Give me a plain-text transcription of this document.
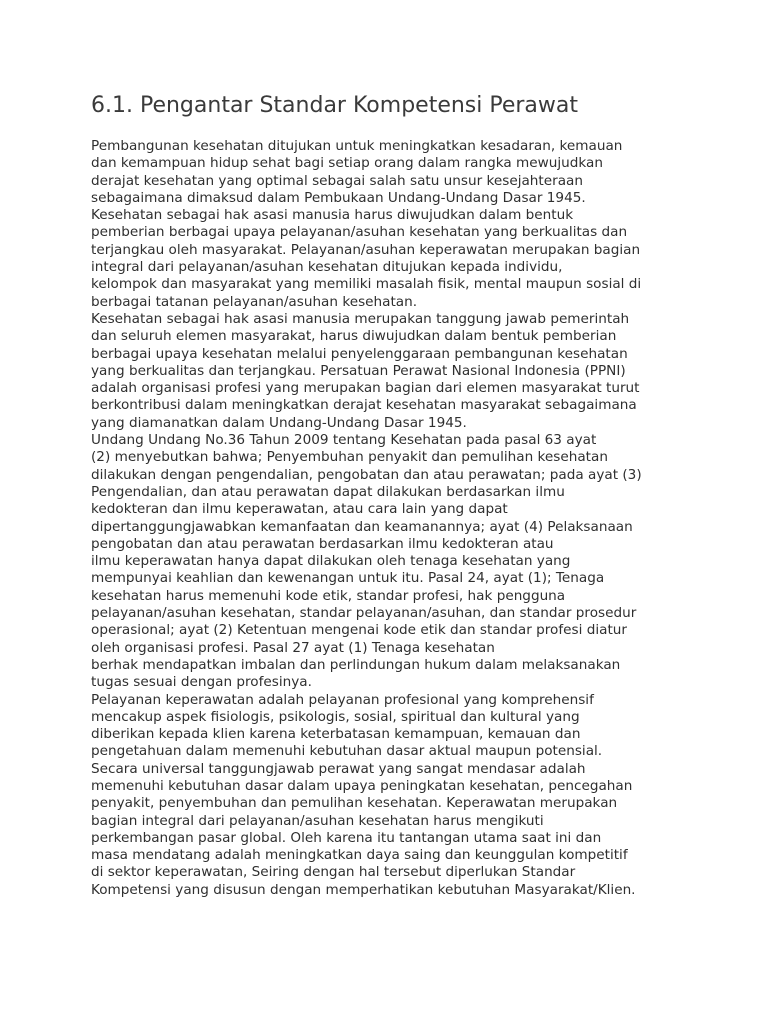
6.1. Pengantar Standar Kompetensi Perawat
Pembangunan kesehatan ditujukan untuk meningkatkan kesadaran, kemauan
dan kemampuan hidup sehat bagi setiap orang dalam rangka mewujudkan
derajat kesehatan yang optimal sebagai salah satu unsur kesejahteraan
sebagaimana dimaksud dalam Pembukaan Undang-Undang Dasar 1945.
Kesehatan sebagai hak asasi manusia harus diwujudkan dalam bentuk
pemberian berbagai upaya pelayanan/asuhan kesehatan yang berkualitas dan
terjangkau oleh masyarakat. Pelayanan/asuhan keperawatan merupakan bagian
integral dari pelayanan/asuhan kesehatan ditujukan kepada individu,
kelompok dan masyarakat yang memiliki masalah fisik, mental maupun sosial di
berbagai tatanan pelayanan/asuhan kesehatan.
Kesehatan sebagai hak asasi manusia merupakan tanggung jawab pemerintah
dan seluruh elemen masyarakat, harus diwujudkan dalam bentuk pemberian
berbagai upaya kesehatan melalui penyelenggaraan pembangunan kesehatan
yang berkualitas dan terjangkau. Persatuan Perawat Nasional Indonesia (PPNI)
adalah organisasi profesi yang merupakan bagian dari elemen masyarakat turut
berkontribusi dalam meningkatkan derajat kesehatan masyarakat sebagaimana
yang diamanatkan dalam Undang-Undang Dasar 1945.
Undang Undang No.36 Tahun 2009 tentang Kesehatan pada pasal 63 ayat
(2) menyebutkan bahwa; Penyembuhan penyakit dan pemulihan kesehatan
dilakukan dengan pengendalian, pengobatan dan atau perawatan; pada ayat (3)
Pengendalian, dan atau perawatan dapat dilakukan berdasarkan ilmu
kedokteran dan ilmu keperawatan, atau cara lain yang dapat
dipertanggungjawabkan kemanfaatan dan keamanannya; ayat (4) Pelaksanaan
pengobatan dan atau perawatan berdasarkan ilmu kedokteran atau
ilmu keperawatan hanya dapat dilakukan oleh tenaga kesehatan yang
mempunyai keahlian dan kewenangan untuk itu. Pasal 24, ayat (1); Tenaga
kesehatan harus memenuhi kode etik, standar profesi, hak pengguna
pelayanan/asuhan kesehatan, standar pelayanan/asuhan, dan standar prosedur
operasional; ayat (2) Ketentuan mengenai kode etik dan standar profesi diatur
oleh organisasi profesi. Pasal 27 ayat (1) Tenaga kesehatan
berhak mendapatkan imbalan dan perlindungan hukum dalam melaksanakan
tugas sesuai dengan profesinya.
Pelayanan keperawatan adalah pelayanan profesional yang komprehensif
mencakup aspek fisiologis, psikologis, sosial, spiritual dan kultural yang
diberikan kepada klien karena keterbatasan kemampuan, kemauan dan
pengetahuan dalam memenuhi kebutuhan dasar aktual maupun potensial.
Secara universal tanggungjawab perawat yang sangat mendasar adalah
memenuhi kebutuhan dasar dalam upaya peningkatan kesehatan, pencegahan
penyakit, penyembuhan dan pemulihan kesehatan. Keperawatan merupakan
bagian integral dari pelayanan/asuhan kesehatan harus mengikuti
perkembangan pasar global. Oleh karena itu tantangan utama saat ini dan
masa mendatang adalah meningkatkan daya saing dan keunggulan kompetitif
di sektor keperawatan, Seiring dengan hal tersebut diperlukan Standar
Kompetensi yang disusun dengan memperhatikan kebutuhan Masyarakat/Klien.
